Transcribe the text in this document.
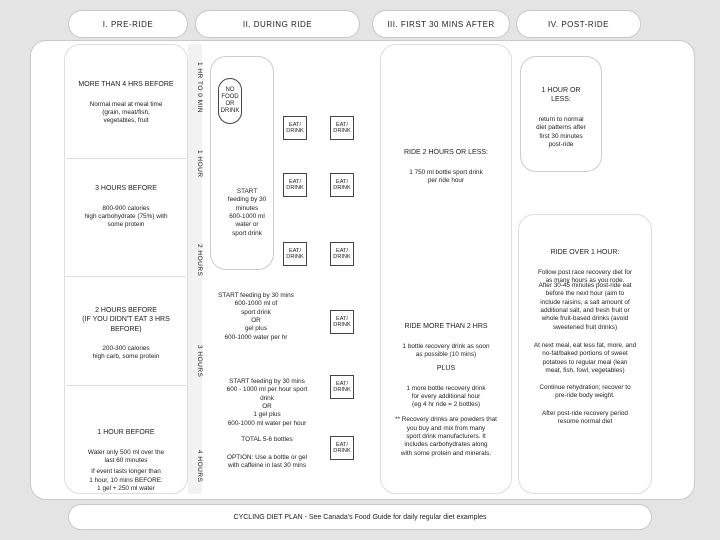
I. PRE-RIDE	II. DURING RIDE	III. FIRST 30 MINS AFTER	IV. POST-RIDE

MORE THAN 4 HRS BEFORE

Normal meal at meal time
(grain, meat/fish,
vegetables, fruit

3 HOURS BEFORE

800-900 calories
high carbohydrate (75%) with
some protein

2 HOURS BEFORE
(IF YOU DIDN'T EAT 3 HRS BEFORE)

200-300 calories
high carb, some protein

1 HOUR BEFORE

Water only 500 ml over the
last 60 minutes

If event lasts longer than
1 hour, 10 mins BEFORE:
1 gel + 250 ml water

1 HR TO 0 MIN
1 HOUR
2 HOURS
3 HOURS
4 HOURS
NO
FOOD
OR
DRINK
START
feeding by 30
minutes
600-1000 ml
water or
sport drink
START feeding by 30 mins
600-1000 ml of
sport drink
OR
gel plus
600-1000 water per hr
START feeding by 30 mins
600 - 1000 ml per hour sport
drink
OR
1 gel plus
600-1000 ml water per hour
TOTAL 5-6 bottles
OPTION: Use a bottle or gel
with caffeine in last 30 mins
EAT/
DRINK
EAT/
DRINK
EAT/
DRINK
EAT/
DRINK
EAT/
DRINK
EAT/
DRINK
EAT/
DRINK
EAT/
DRINK
EAT/
DRINK

RIDE 2 HOURS OR LESS:

1 750 ml bottle sport drink
per ride hour

RIDE MORE THAN 2 HRS

1 bottle recovery drink as soon
as possible (10 mins)

PLUS

1 more bottle recovery drink
for every additional hour
(eg 4 hr ride = 2 bottles)

** Recovery drinks are powders that
you buy and mix from many
sport drink manufacturers. It
includes carbohydrates along
with some protein and minerals.

1 HOUR OR
LESS:

return to normal
diet patterns after
first 30 minutes
post-ride

RIDE OVER 1 HOUR:

Follow post race recovery diet for
as many hours as you rode.

After 30-45 minutes post-ride eat
before the next hour (aim to
include raisins, a salt amount of
additional salt, and fresh fruit or
whole fruit-based drinks (avoid
sweetened fruit drinks)
At next meal, eat less fat, more, and
no-fat/baked portions of sweet
potatoes to regular meal (lean
meat, fish, fowl, vegetables)
Continue rehydration; recover to
pre-ride body weight.
After post-ride recovery period
resume normal diet
CYCLING DIET PLAN - See Canada's Food Guide for daily regular diet examples
